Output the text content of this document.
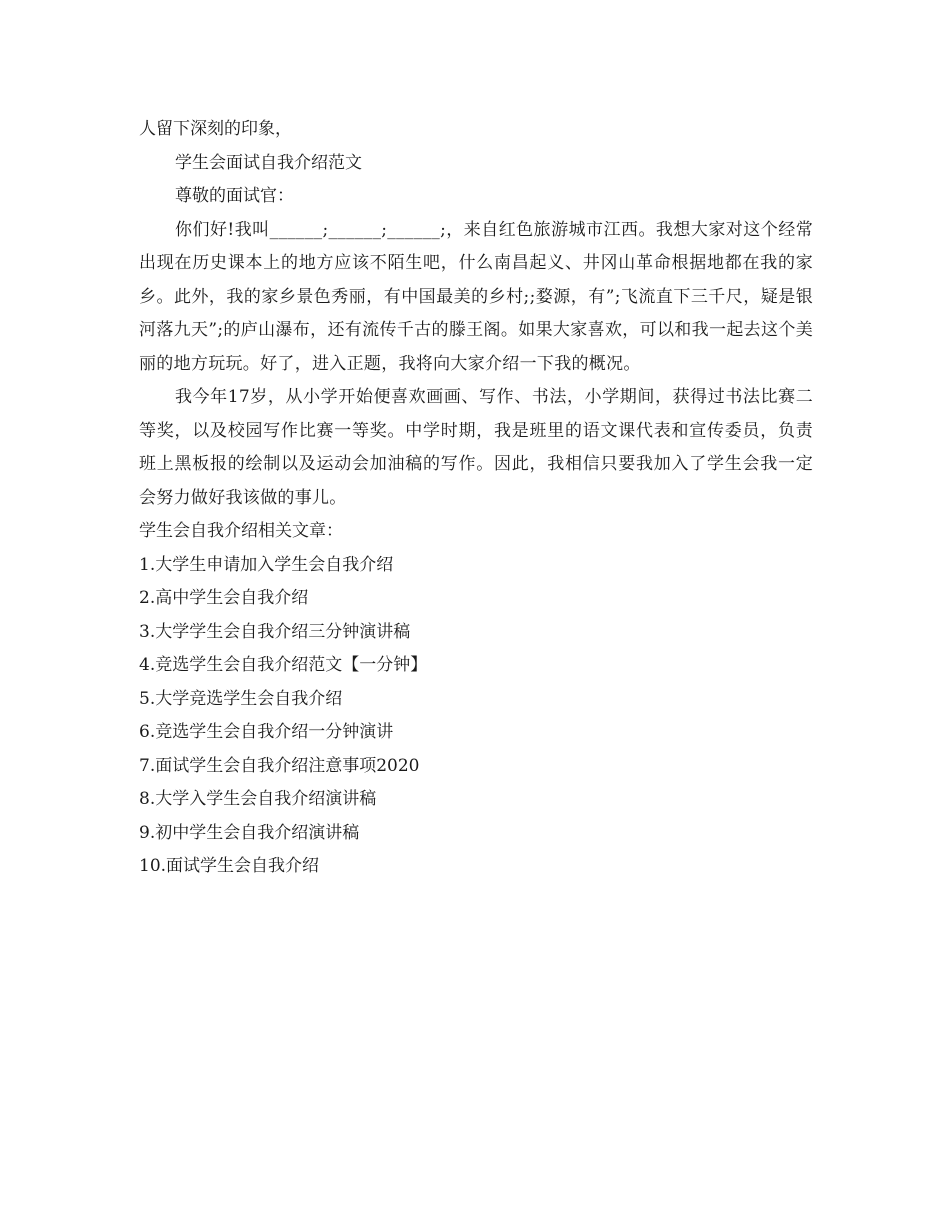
人留下深刻的印象，
学生会面试自我介绍范文
尊敬的面试官：

你们好!我叫______;______;______;，来自红色旅游城市江西。我想大家对这个经常出现在历史课本上的地方应该不陌生吧，什么南昌起义、井冈山革命根据地都在我的家乡。此外，我的家乡景色秀丽，有中国最美的乡村;;婺源，有”;飞流直下三千尺，疑是银河落九天”;的庐山瀑布，还有流传千古的滕王阁。如果大家喜欢，可以和我一起去这个美丽的地方玩玩。好了，进入正题，我将向大家介绍一下我的概况。

我今年17岁，从小学开始便喜欢画画、写作、书法，小学期间，获得过书法比赛二等奖，以及校园写作比赛一等奖。中学时期，我是班里的语文课代表和宣传委员，负责班上黑板报的绘制以及运动会加油稿的写作。因此，我相信只要我加入了学生会我一定会努力做好我该做的事儿。

学生会自我介绍相关文章：
1.大学生申请加入学生会自我介绍
2.高中学生会自我介绍
3.大学学生会自我介绍三分钟演讲稿
4.竞选学生会自我介绍范文【一分钟】
5.大学竞选学生会自我介绍
6.竞选学生会自我介绍一分钟演讲
7.面试学生会自我介绍注意事项2020
8.大学入学生会自我介绍演讲稿
9.初中学生会自我介绍演讲稿
10.面试学生会自我介绍
